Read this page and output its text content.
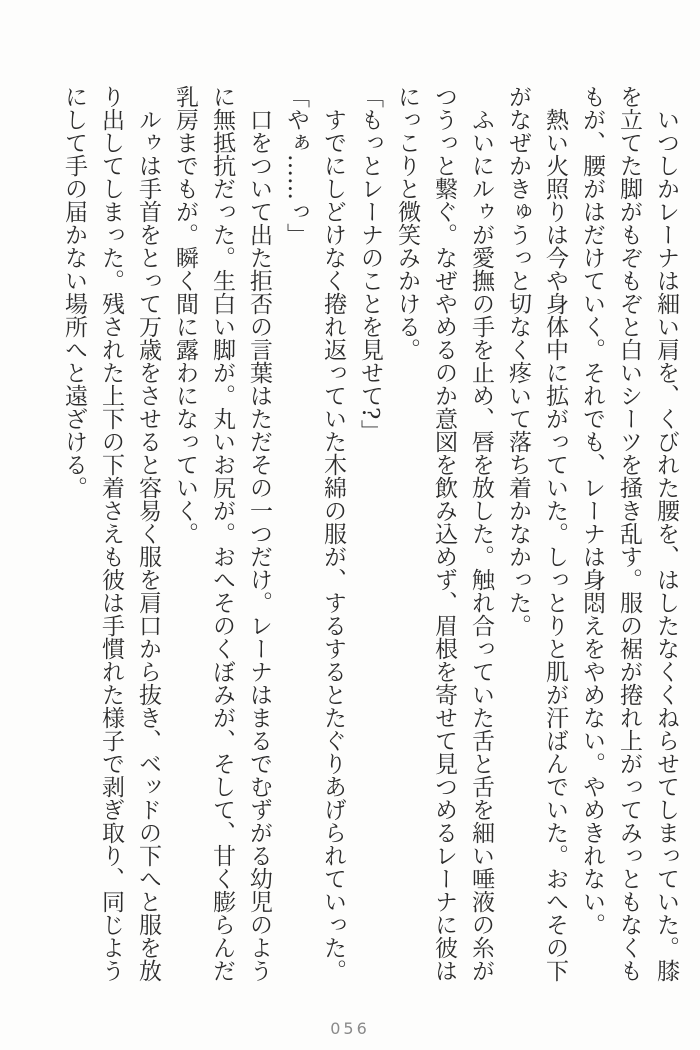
いつしかレーナは細い肩を、くびれた腰を、はしたなくくねらせてしまっていた。膝を立てた脚がもぞもぞと白いシーツを掻き乱す。服の裾が捲れ上がってみっともなくももが、腰がはだけていく。それでも、レーナは身悶えをやめない。やめきれない。

熱い火照りは今や身体中に拡がっていた。しっとりと肌が汗ばんでいた。おへその下がなぜかきゅうっと切なく疼いて落ち着かなかった。

ふいにルゥが愛撫の手を止め、唇を放した。触れ合っていた舌と舌を細い唾液の糸がつうっと繋ぐ。なぜやめるのか意図を飲み込めず、眉根を寄せて見つめるレーナに彼はにっこりと微笑みかける。

「もっとレーナのことを見せて?」

すでにしどけなく捲れ返っていた木綿の服が、するするとたぐりあげられていった。

「やぁ……っ」

口をついて出た拒否の言葉はただその一つだけ。レーナはまるでむずがる幼児のように無抵抗だった。生白い脚が。丸いお尻が。おへそのくぼみが、そして、甘く膨らんだ乳房までもが。瞬く間に露わになっていく。

ルゥは手首をとって万歳をさせると容易く服を肩口から抜き、ベッドの下へと服を放り出してしまった。残された上下の下着さえも彼は手慣れた様子で剥ぎ取り、同じようにして手の届かない場所へと遠ざける。

056
